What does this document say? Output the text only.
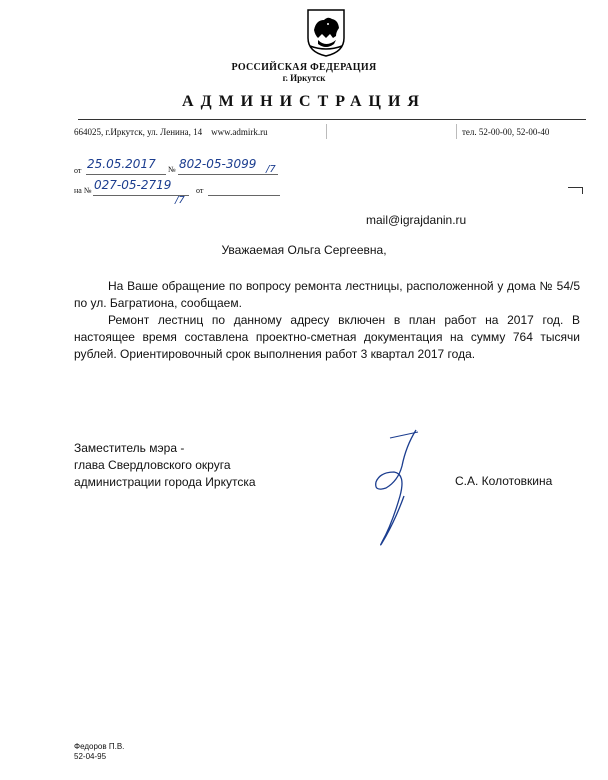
РОССИЙСКАЯ ФЕДЕРАЦИЯ
г. Иркутск
АДМИНИСТРАЦИЯ
664025, г.Иркутск, ул. Ленина, 14 www.admirk.ru	тел. 52-00-00, 52-00-40
от 25.05.2017 № 802-05-3099 /7
на № 027-05-2719
/7
от
mail@igrajdanin.ru
Уважаемая Ольга Сергеевна,

На Ваше обращение по вопросу ремонта лестницы, расположенной у дома № 54/5 по ул. Багратиона, сообщаем.

Ремонт лестниц по данному адресу включен в план работ на 2017 год. В настоящее время составлена проектно-сметная документация на сумму 764 тысячи рублей. Ориентировочный срок выполнения работ 3 квартал 2017 года.

Заместитель мэра -
глава Свердловского округа
администрации города Иркутска	С.А. Колотовкина
Федоров П.В.
52-04-95
